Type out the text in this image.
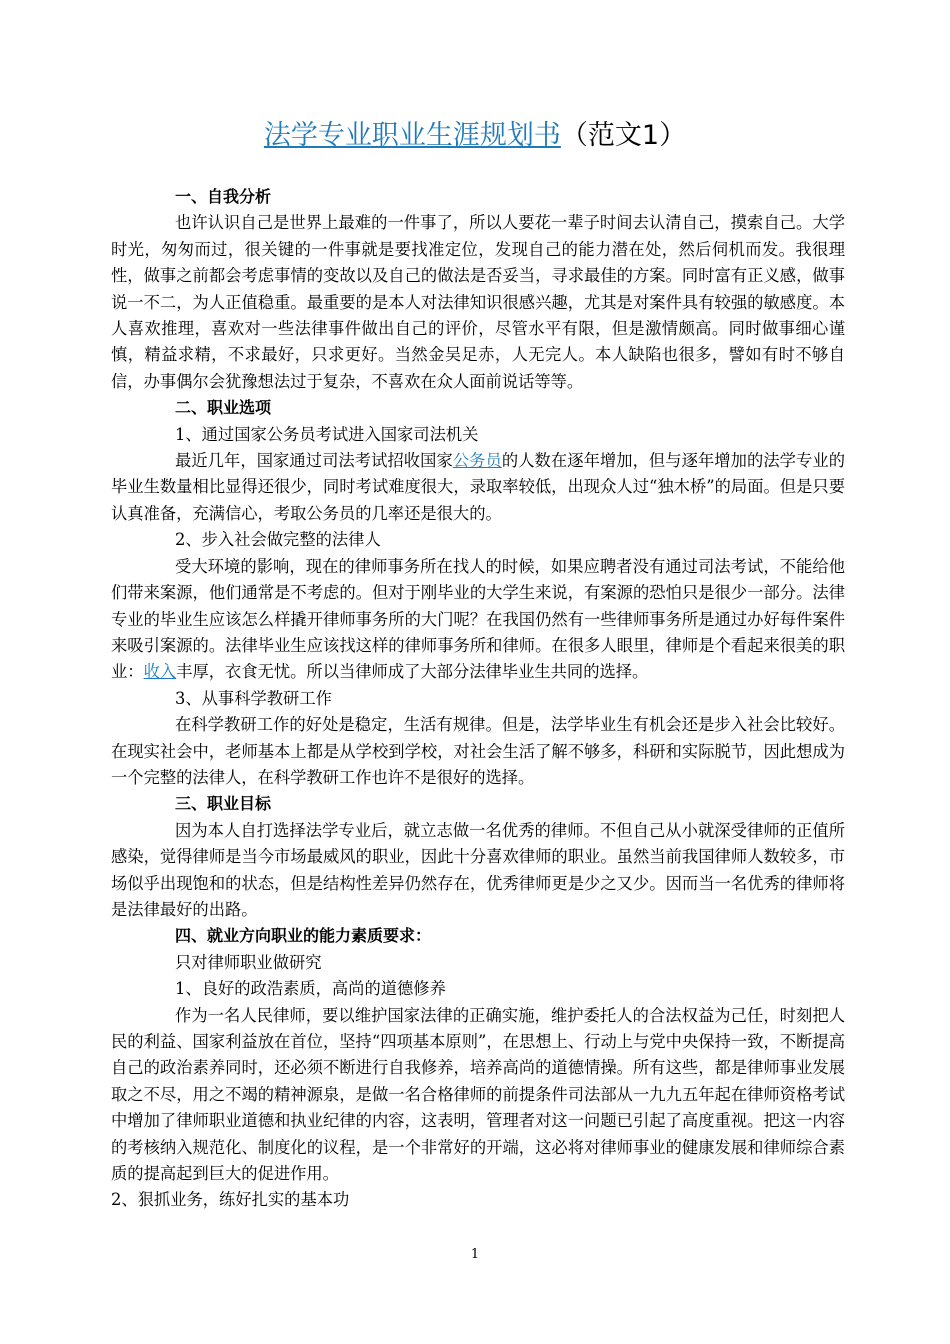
法学专业职业生涯规划书（范文1）

一、自我分析

也许认识自己是世界上最难的一件事了，所以人要花一辈子时间去认清自己，摸索自己。大学时光，匆匆而过，很关键的一件事就是要找准定位，发现自己的能力潜在处，然后伺机而发。我很理性，做事之前都会考虑事情的变故以及自己的做法是否妥当，寻求最佳的方案。同时富有正义感，做事说一不二，为人正值稳重。最重要的是本人对法律知识很感兴趣，尤其是对案件具有较强的敏感度。本人喜欢推理，喜欢对一些法律事件做出自己的评价，尽管水平有限，但是激情颇高。同时做事细心谨慎，精益求精，不求最好，只求更好。当然金吴足赤，人无完人。本人缺陷也很多，譬如有时不够自信，办事偶尔会犹豫想法过于复杂，不喜欢在众人面前说话等等。

二、职业选项

1、通过国家公务员考试进入国家司法机关

最近几年，国家通过司法考试招收国家公务员的人数在逐年增加，但与逐年增加的法学专业的毕业生数量相比显得还很少，同时考试难度很大，录取率较低，出现众人过“独木桥”的局面。但是只要认真准备，充满信心，考取公务员的几率还是很大的。

2、步入社会做完整的法律人

受大环境的影响，现在的律师事务所在找人的时候，如果应聘者没有通过司法考试，不能给他们带来案源，他们通常是不考虑的。但对于刚毕业的大学生来说，有案源的恐怕只是很少一部分。法律专业的毕业生应该怎么样撬开律师事务所的大门呢？在我国仍然有一些律师事务所是通过办好每件案件来吸引案源的。法律毕业生应该找这样的律师事务所和律师。在很多人眼里，律师是个看起来很美的职业：收入丰厚，衣食无忧。所以当律师成了大部分法律毕业生共同的选择。

3、从事科学教研工作

在科学教研工作的好处是稳定，生活有规律。但是，法学毕业生有机会还是步入社会比较好。在现实社会中，老师基本上都是从学校到学校，对社会生活了解不够多，科研和实际脱节，因此想成为一个完整的法律人，在科学教研工作也许不是很好的选择。

三、职业目标

因为本人自打选择法学专业后，就立志做一名优秀的律师。不但自己从小就深受律师的正值所感染，觉得律师是当今市场最威风的职业，因此十分喜欢律师的职业。虽然当前我国律师人数较多，市场似乎出现饱和的状态，但是结构性差异仍然存在，优秀律师更是少之又少。因而当一名优秀的律师将是法律最好的出路。

四、就业方向职业的能力素质要求：

只对律师职业做研究

1、良好的政浩素质，高尚的道德修养

作为一名人民律师，要以维护国家法律的正确实施，维护委托人的合法权益为己任，时刻把人民的利益、国家利益放在首位，坚持“四项基本原则”，在思想上、行动上与党中央保持一致，不断提高自己的政治素养同时，还必须不断进行自我修养，培养高尚的道德情操。所有这些，都是律师事业发展取之不尽，用之不竭的精神源泉，是做一名合格律师的前提条件司法部从一九九五年起在律师资格考试中增加了律师职业道德和执业纪律的内容，这表明，管理者对这一问题已引起了高度重视。把这一内容的考核纳入规范化、制度化的议程，是一个非常好的开端，这必将对律师事业的健康发展和律师综合素质的提高起到巨大的促进作用。

2、狠抓业务，练好扎实的基本功

1
